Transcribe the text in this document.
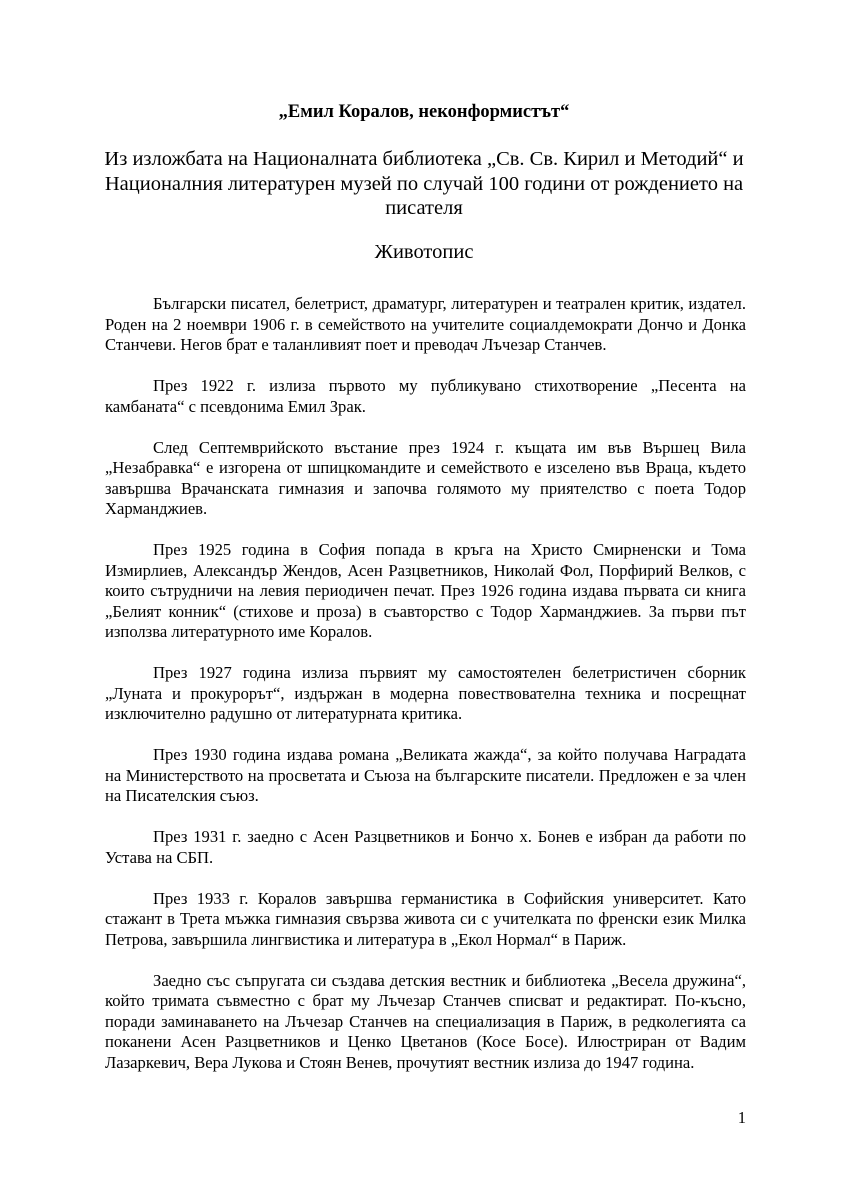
„Емил Коралов, неконформистът“
Из изложбата на Националната библиотека „Св. Св. Кирил и Методий“ и Националния литературен музей по случай 100 години от рождението на писателя
Животопис

Български писател, белетрист, драматург, литературен и театрален критик, издател. Роден на 2 ноември 1906 г. в семейството на учителите социалдемократи Дончо и Донка Станчеви. Негов брат е таланливият поет и преводач Лъчезар Станчев.

През 1922 г. излиза първото му публикувано стихотворение „Песента на камбаната“ с псевдонима Емил Зрак.

След Септемврийското въстание през 1924 г. къщата им във Вършец Вила „Незабравка“ е изгорена от шпицкомандите и семейството е изселено във Враца, където завършва Врачанската гимназия и започва голямото му приятелство с поета Тодор Харманджиев.

През 1925 година в София попада в кръга на Христо Смирненски и Тома Измирлиев, Александър Жендов, Асен Разцветников, Николай Фол, Порфирий Велков, с които сътрудничи на левия периодичен печат. През 1926 година издава първата си книга „Белият конник“ (стихове и проза) в съавторство с Тодор Харманджиев. За първи път използва литературното име Коралов.

През 1927 година излиза първият му самостоятелен белетристичен сборник „Луната и прокурорът“, издържан в модерна повествователна техника и посрещнат изключително радушно от литературната критика.

През 1930 година издава романа „Великата жажда“, за който получава Наградата на Министерството на просветата и Съюза на българските писатели. Предложен е за член на Писателския съюз.

През 1931 г. заедно с Асен Разцветников и Бончо х. Бонев е избран да работи по Устава на СБП.

През 1933 г. Коралов завършва германистика в Софийския университет. Като стажант в Трета мъжка гимназия свързва живота си с учителката по френски език Милка Петрова, завършила лингвистика и литература в „Екол Нормал“ в Париж.

Заедно със съпругата си създава детския вестник и библиотека „Весела дружина“, който тримата съвместно с брат му Лъчезар Станчев списват и редактират. По-късно, поради заминаването на Лъчезар Станчев на специализация в Париж, в редколегията са поканени Асен Разцветников и Ценко Цветанов (Косе Босе). Илюстриран от Вадим Лазаркевич, Вера Лукова и Стоян Венев, прочутият вестник излиза до 1947 година.

1
